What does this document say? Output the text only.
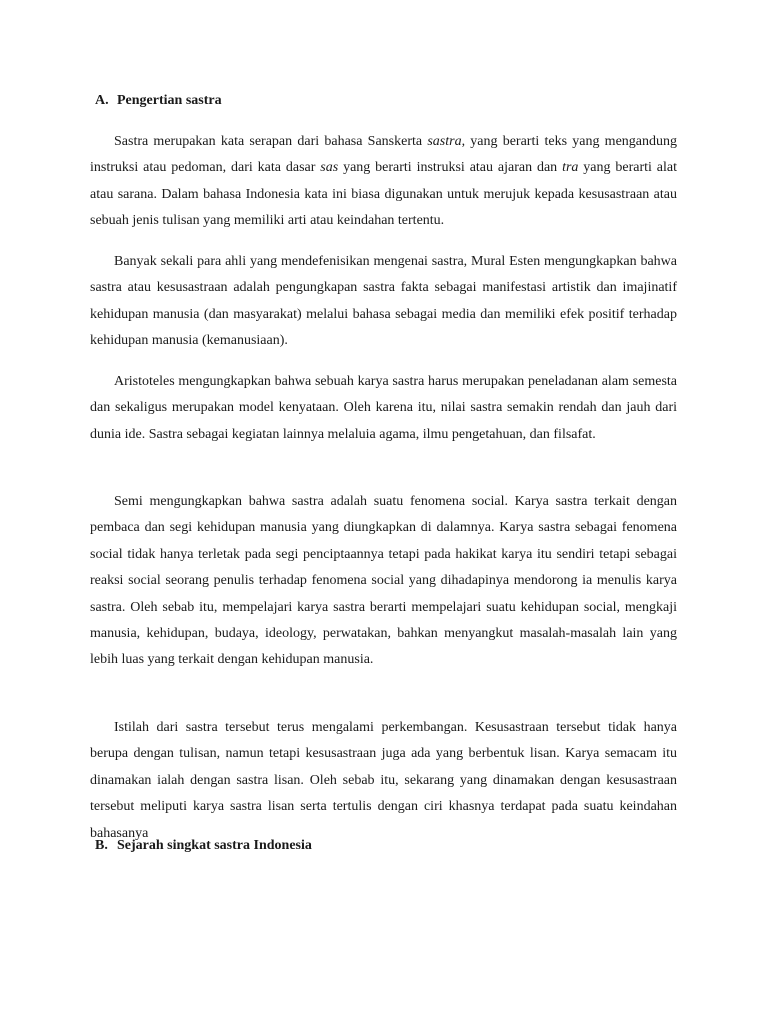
A. Pengertian sastra

Sastra merupakan kata serapan dari bahasa Sanskerta sastra, yang berarti teks yang mengandung instruksi atau pedoman, dari kata dasar sas yang berarti instruksi atau ajaran dan tra yang berarti alat atau sarana. Dalam bahasa Indonesia kata ini biasa digunakan untuk merujuk kepada kesusastraan atau sebuah jenis tulisan yang memiliki arti atau keindahan tertentu.

Banyak sekali para ahli yang mendefenisikan mengenai sastra, Mural Esten mengungkapkan bahwa sastra atau kesusastraan adalah pengungkapan sastra fakta sebagai manifestasi artistik dan imajinatif kehidupan manusia (dan masyarakat) melalui bahasa sebagai media dan memiliki efek positif terhadap kehidupan manusia (kemanusiaan).

Aristoteles mengungkapkan bahwa sebuah karya sastra harus merupakan peneladanan alam semesta dan sekaligus merupakan model kenyataan. Oleh karena itu, nilai sastra semakin rendah dan jauh dari dunia ide. Sastra sebagai kegiatan lainnya melaluia agama, ilmu pengetahuan, dan filsafat.

Semi mengungkapkan bahwa sastra adalah suatu fenomena social. Karya sastra terkait dengan pembaca dan segi kehidupan manusia yang diungkapkan di dalamnya. Karya sastra sebagai fenomena social tidak hanya terletak pada segi penciptaannya tetapi pada hakikat karya itu sendiri tetapi sebagai reaksi social seorang penulis terhadap fenomena social yang dihadapinya mendorong ia menulis karya sastra. Oleh sebab itu, mempelajari karya sastra berarti mempelajari suatu kehidupan social, mengkaji manusia, kehidupan, budaya, ideology, perwatakan, bahkan menyangkut masalah-masalah lain yang lebih luas yang terkait dengan kehidupan manusia.

Istilah dari sastra tersebut terus mengalami perkembangan. Kesusastraan tersebut tidak hanya berupa dengan tulisan, namun tetapi kesusastraan juga ada yang berbentuk lisan. Karya semacam itu dinamakan ialah dengan sastra lisan. Oleh sebab itu, sekarang yang dinamakan dengan kesusastraan tersebut meliputi karya sastra lisan serta tertulis dengan ciri khasnya terdapat pada suatu keindahan bahasanya

B. Sejarah singkat sastra Indonesia
